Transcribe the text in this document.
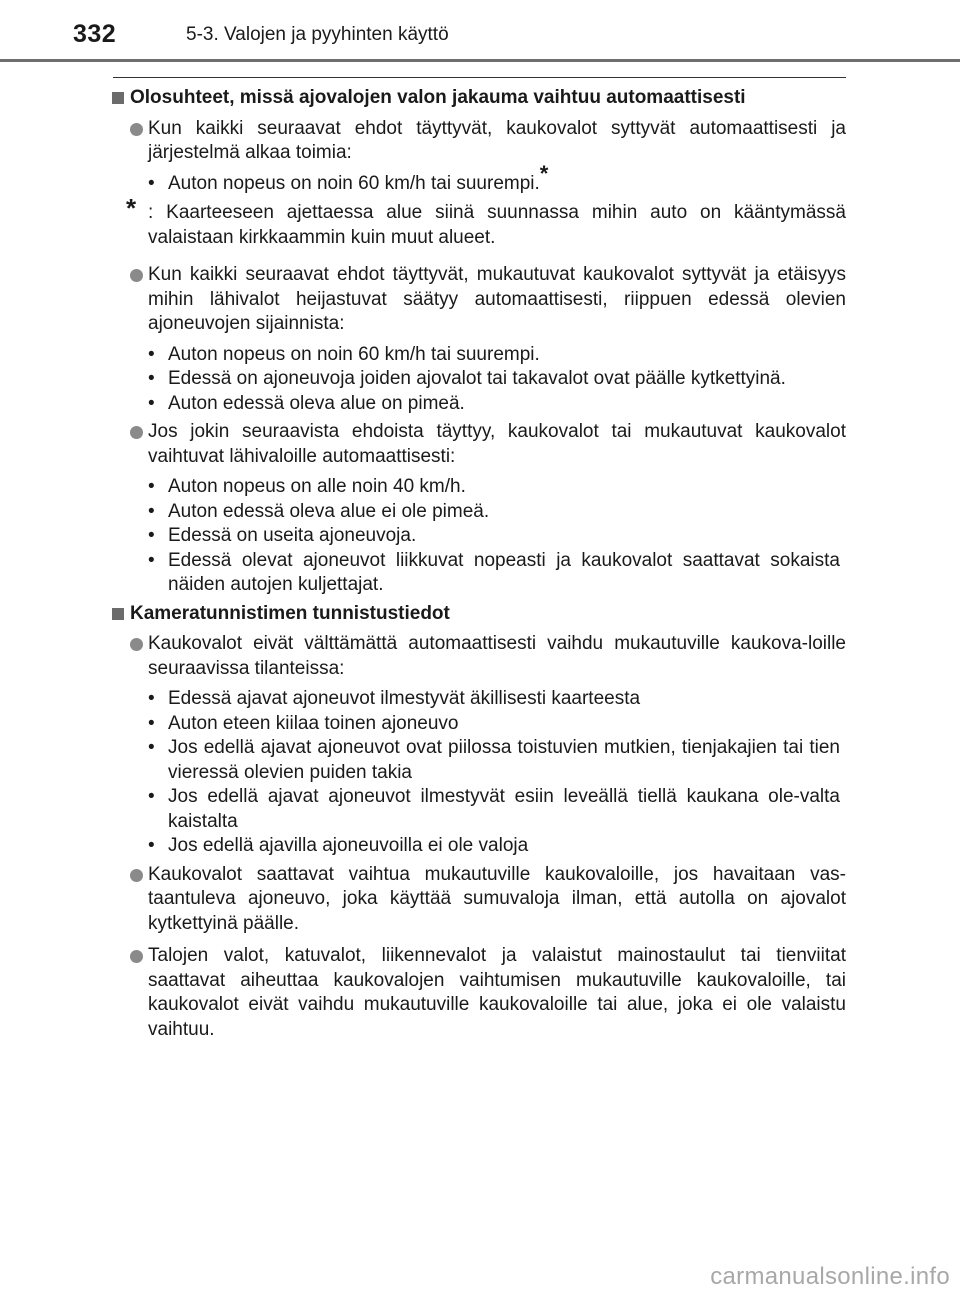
332	5-3. Valojen ja pyyhinten käyttö
Olosuhteet, missä ajovalojen valon jakauma vaihtuu automaattisesti
Kun kaikki seuraavat ehdot täyttyvät, kaukovalot syttyvät automaattisesti ja järjestelmä alkaa toimia:
• Auton nopeus on noin 60 km/h tai suurempi.*
* : Kaarteeseen ajettaessa alue siinä suunnassa mihin auto on kääntymässä valaistaan kirkkaammin kuin muut alueet.
Kun kaikki seuraavat ehdot täyttyvät, mukautuvat kaukovalot syttyvät ja etäisyys mihin lähivalot heijastuvat säätyy automaattisesti, riippuen edessä olevien ajoneuvojen sijainnista:
• Auton nopeus on noin 60 km/h tai suurempi.
• Edessä on ajoneuvoja joiden ajovalot tai takavalot ovat päälle kytkettyinä.
• Auton edessä oleva alue on pimeä.
Jos jokin seuraavista ehdoista täyttyy, kaukovalot tai mukautuvat kaukovalot vaihtuvat lähivaloille automaattisesti:
• Auton nopeus on alle noin 40 km/h.
• Auton edessä oleva alue ei ole pimeä.
• Edessä on useita ajoneuvoja.
• Edessä olevat ajoneuvot liikkuvat nopeasti ja kaukovalot saattavat sokaista näiden autojen kuljettajat.
Kameratunnistimen tunnistustiedot
Kaukovalot eivät välttämättä automaattisesti vaihdu mukautuville kaukova-loille seuraavissa tilanteissa:
• Edessä ajavat ajoneuvot ilmestyvät äkillisesti kaarteesta
• Auton eteen kiilaa toinen ajoneuvo
• Jos edellä ajavat ajoneuvot ovat piilossa toistuvien mutkien, tienjakajien tai tien vieressä olevien puiden takia
• Jos edellä ajavat ajoneuvot ilmestyvät esiin leveällä tiellä kaukana ole-valta kaistalta
• Jos edellä ajavilla ajoneuvoilla ei ole valoja
Kaukovalot saattavat vaihtua mukautuville kaukovaloille, jos havaitaan vas-taantuleva ajoneuvo, joka käyttää sumuvaloja ilman, että autolla on ajovalot kytkettyinä päälle.
Talojen valot, katuvalot, liikennevalot ja valaistut mainostaulut tai tienviitat saattavat aiheuttaa kaukovalojen vaihtumisen mukautuville kaukovaloille, tai kaukovalot eivät vaihdu mukautuville kaukovaloille tai alue, joka ei ole valaistu vaihtuu.
carmanualsonline.info
